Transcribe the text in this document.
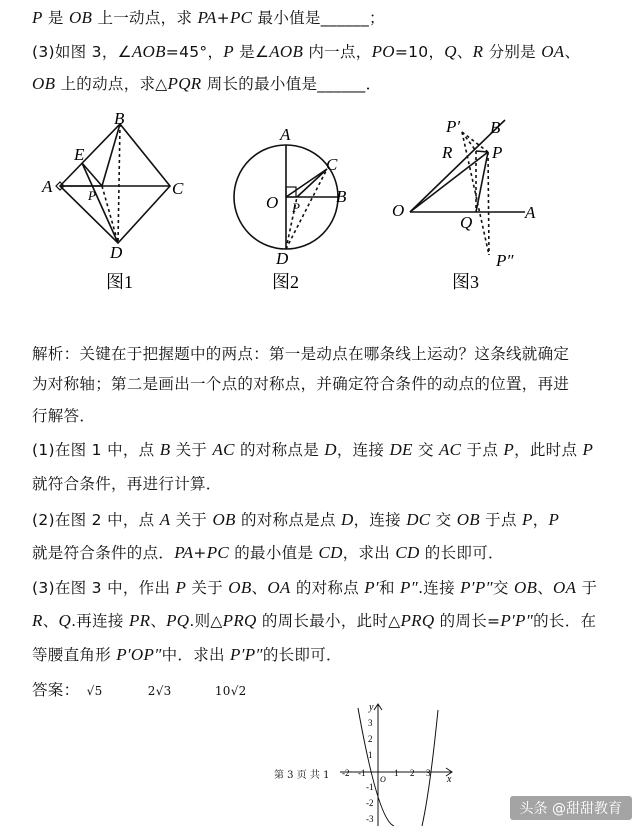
P 是 OB 上一动点，求 PA+PC 最小值是______；
(3)如图 3，∠AOB=45°，P 是∠AOB 内一点，PO=10，Q、R 分别是 OA、
OB 上的动点，求△PQR 周长的最小值是______．
A
B
C
D
E
P
图1
A
B
C
D
O P
图2
P′ B
R P
O
Q
A
P″
图3
解析：关键在于把握题中的两点：第一是动点在哪条线上运动？这条线就确定
为对称轴；第二是画出一个点的对称点，并确定符合条件的动点的位置，再进
行解答．
(1)在图 1 中，点 B 关于 AC 的对称点是 D，连接 DE 交 AC 于点 P，此时点 P
就符合条件，再进行计算．
(2)在图 2 中，点 A 关于 OB 的对称点是点 D，连接 DC 交 OB 于点 P，P
就是符合条件的点．PA+PC 的最小值是 CD，求出 CD 的长即可．
(3)在图 3 中，作出 P 关于 OB、OA 的对称点 P′和 P″.连接 P′P″交 OB、OA 于
R、Q.再连接 PR、PQ.则△PRQ 的周长最小，此时△PRQ 的周长=P′P″的长．在
等腰直角形 P′OP″中．求出 P′P″的长即可．
答案： √5	2√3	10√2
y
x
3
2
1
-1
-2
-3
-2 -1
O
1 2 3
第 3 页 共 1
头条 @甜甜教育
